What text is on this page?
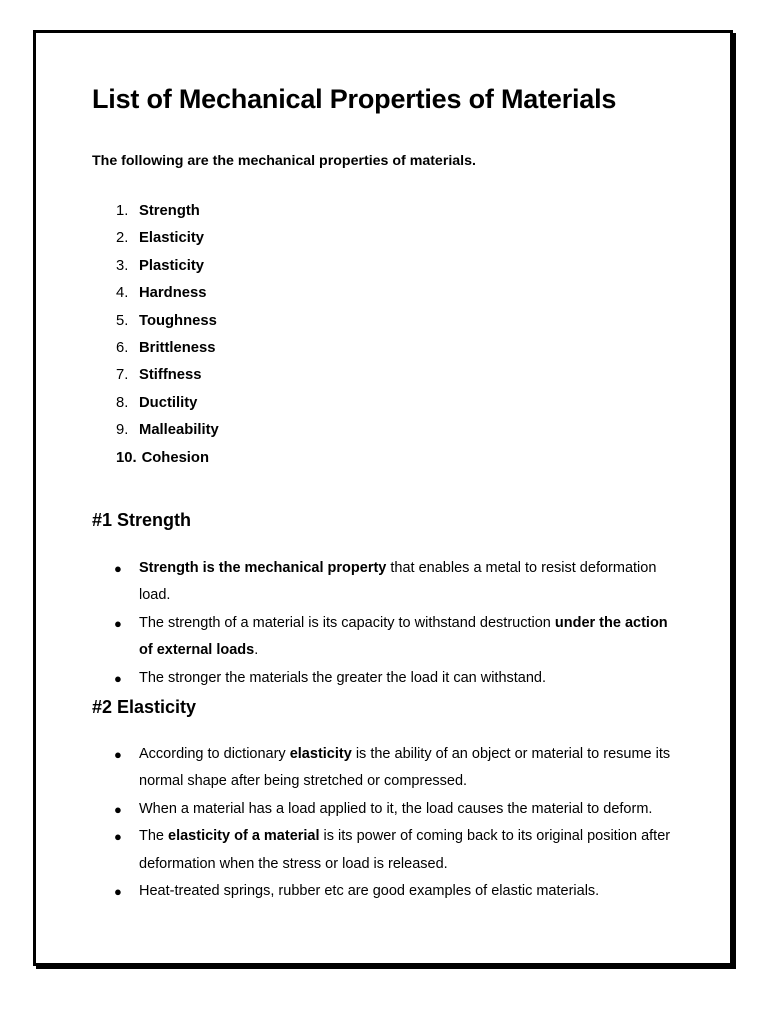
List of Mechanical Properties of Materials

The following are the mechanical properties of materials.

1. Strength
2. Elasticity
3. Plasticity
4. Hardness
5. Toughness
6. Brittleness
7. Stiffness
8. Ductility
9. Malleability
10. Cohesion
#1 Strength
● Strength is the mechanical property that enables a metal to resist deformation load.
● The strength of a material is its capacity to withstand destruction under the action of external loads.
● The stronger the materials the greater the load it can withstand.
#2 Elasticity
● According to dictionary elasticity is the ability of an object or material to resume its normal shape after being stretched or compressed.
● When a material has a load applied to it, the load causes the material to deform.
● The elasticity of a material is its power of coming back to its original position after deformation when the stress or load is released.
● Heat-treated springs, rubber etc are good examples of elastic materials.
